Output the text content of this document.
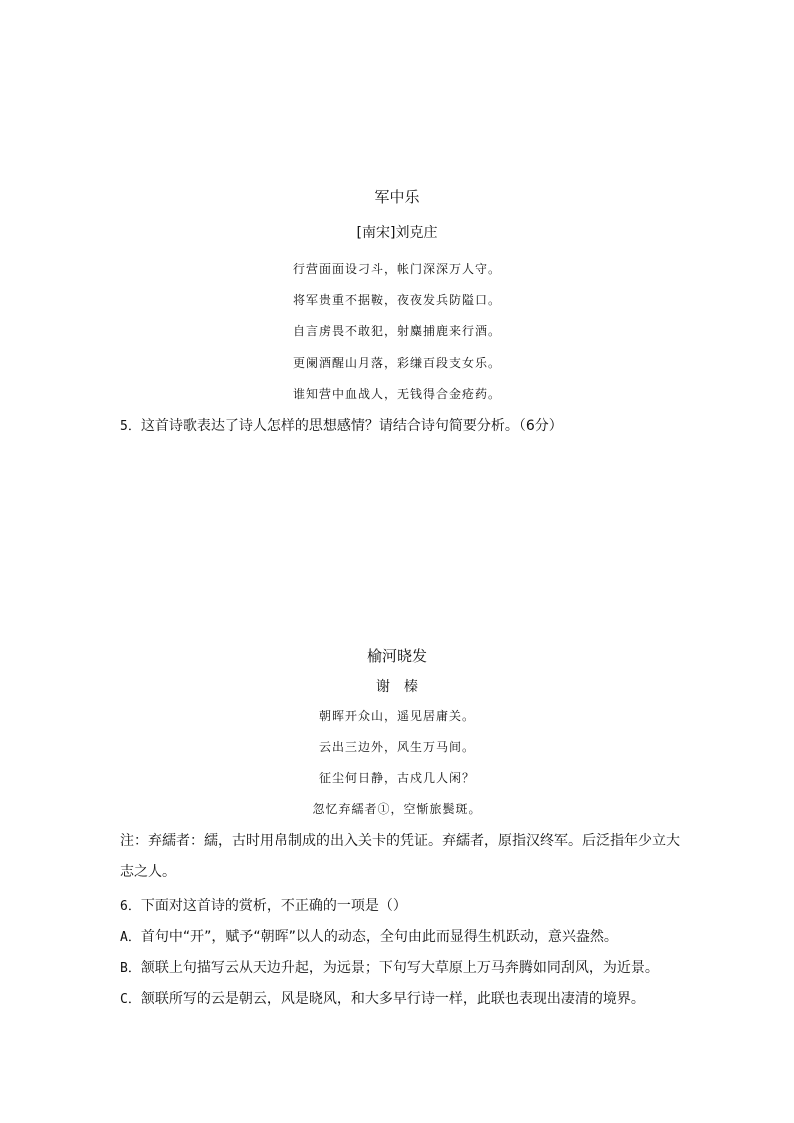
军中乐
[南宋]刘克庄
行营面面设刁斗，帐门深深万人守。
将军贵重不据鞍，夜夜发兵防隘口。
自言虏畏不敢犯，射麋捕鹿来行酒。
更阑酒醒山月落，彩缣百段支女乐。
谁知营中血战人，无钱得合金疮药。
5．这首诗歌表达了诗人怎样的思想感情？请结合诗句简要分析。（6分）
榆河晓发
谢　榛
朝晖开众山，遥见居庸关。
云出三边外，风生万马间。
征尘何日静，古戍几人闲？
忽忆弃繻者①，空惭旅鬓斑。
注：弃繻者：繻，古时用帛制成的出入关卡的凭证。弃繻者，原指汉终军。后泛指年少立大志之人。
6．下面对这首诗的赏析，不正确的一项是（）
A．首句中“开”，赋予“朝晖”以人的动态，全句由此而显得生机跃动，意兴盎然。
B．颔联上句描写云从天边升起，为远景；下句写大草原上万马奔腾如同刮风，为近景。
C．颔联所写的云是朝云，风是晓风，和大多早行诗一样，此联也表现出凄清的境界。
